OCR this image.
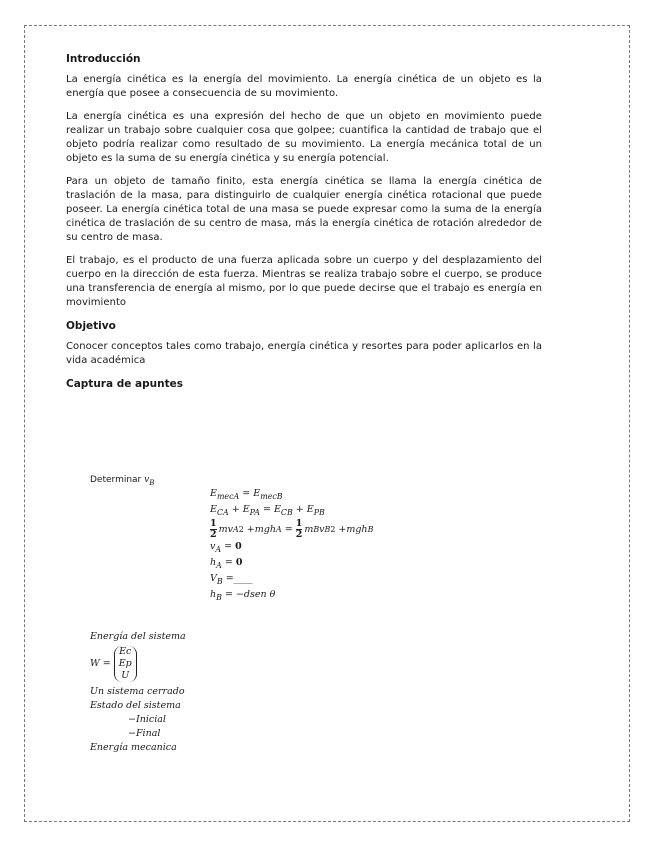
Introducción

La energía cinética es la energía del movimiento. La energía cinética de un objeto es la energía que posee a consecuencia de su movimiento.

La energía cinética es una expresión del hecho de que un objeto en movimiento puede realizar un trabajo sobre cualquier cosa que golpee; cuantifica la cantidad de trabajo que el objeto podría realizar como resultado de su movimiento. La energía mecánica total de un objeto es la suma de su energía cinética y su energía potencial.

Para un objeto de tamaño finito, esta energía cinética se llama la energía cinética de traslación de la masa, para distinguirlo de cualquier energía cinética rotacional que puede poseer. La energía cinética total de una masa se puede expresar como la suma de la energía cinética de traslación de su centro de masa, más la energía cinética de rotación alrededor de su centro de masa.

El trabajo, es el producto de una fuerza aplicada sobre un cuerpo y del desplazamiento del cuerpo en la dirección de esta fuerza. Mientras se realiza trabajo sobre el cuerpo, se produce una transferencia de energía al mismo, por lo que puede decirse que el trabajo es energía en movimiento

Objetivo

Conocer conceptos tales como trabajo, energía cinética y resortes para poder aplicarlos en la vida académica

Captura de apuntes
Determinar $v_B$
$E_{mecA} = E_{mecB}$
$E_{CA} + E_{PA} = E_{CB} + E_{PB}$
1
2 mv A 2 + mgh A =
1
2 m B v B 2 + mgh B
$v_A = 0$
$h_A = 0$
$V_B$ =____
$h_B$ = −dsen θ
Energía del sistema
W =
Ec
Ep
U
Un sistema cerrado
Estado del sistema
−Inicial
−Final
Energía mecanica
